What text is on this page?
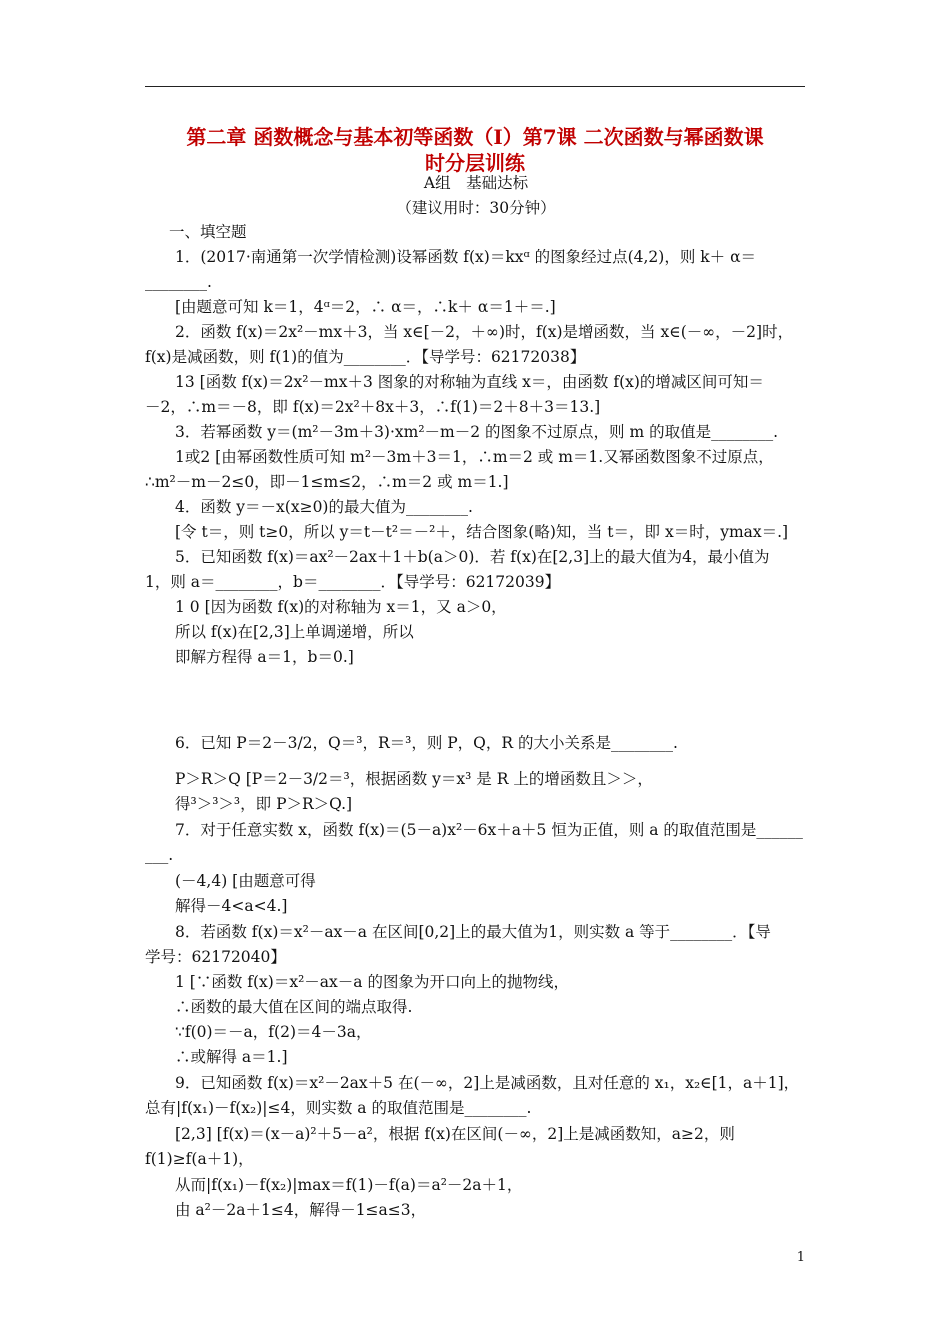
第二章 函数概念与基本初等函数（Ⅰ）第7课 二次函数与幂函数课
时分层训练
A组　基础达标
（建议用时：30分钟）
一、填空题
1．(2017·南通第一次学情检测)设幂函数 f(x)＝kxᵅ 的图象经过点(4,2)，则 k＋ α＝
________.
[由题意可知 k＝1，4ᵅ＝2，∴ α＝，∴k＋ α＝1＋＝.]
2．函数 f(x)＝2x²－mx＋3，当 x∈[－2，＋∞)时，f(x)是增函数，当 x∈(－∞，－2]时，
f(x)是减函数，则 f(1)的值为________．【导学号：62172038】
13 [函数 f(x)＝2x²－mx＋3 图象的对称轴为直线 x＝，由函数 f(x)的增减区间可知＝
－2，∴m＝－8，即 f(x)＝2x²＋8x＋3，∴f(1)＝2＋8＋3＝13.]
3．若幂函数 y＝(m²－3m＋3)·xm²－m－2 的图象不过原点，则 m 的取值是________.
1或2 [由幂函数性质可知 m²－3m＋3＝1，∴m＝2 或 m＝1.又幂函数图象不过原点，
∴m²－m－2≤0，即－1≤m≤2，∴m＝2 或 m＝1.]
4．函数 y＝－x(x≥0)的最大值为________.
[令 t＝，则 t≥0，所以 y＝t－t²＝－²＋，结合图象(略)知，当 t＝，即 x＝时，ymax＝.]
5．已知函数 f(x)＝ax²－2ax＋1＋b(a＞0)．若 f(x)在[2,3]上的最大值为4，最小值为
1，则 a＝________，b＝________．【导学号：62172039】
1 0 [因为函数 f(x)的对称轴为 x＝1，又 a＞0，
所以 f(x)在[2,3]上单调递增，所以
即解方程得 a＝1，b＝0.]
6．已知 P＝2－3/2，Q＝³，R＝³，则 P，Q，R 的大小关系是________.
P＞R＞Q [P＝2－3/2＝³，根据函数 y＝x³ 是 R 上的增函数且＞＞，
得³＞³＞³，即 P＞R＞Q.]
7．对于任意实数 x，函数 f(x)＝(5－a)x²－6x＋a＋5 恒为正值，则 a 的取值范围是______
___.
(－4,4) [由题意可得
解得－4<a<4.]
8．若函数 f(x)＝x²－ax－a 在区间[0,2]上的最大值为1，则实数 a 等于________．【导
学号：62172040】
1 [∵函数 f(x)＝x²－ax－a 的图象为开口向上的抛物线，
∴函数的最大值在区间的端点取得.
∵f(0)＝－a，f(2)＝4－3a，
∴或解得 a＝1.]
9．已知函数 f(x)＝x²－2ax＋5 在(－∞，2]上是减函数，且对任意的 x₁，x₂∈[1，a＋1]，
总有|f(x₁)－f(x₂)|≤4，则实数 a 的取值范围是________.
[2,3] [f(x)＝(x－a)²＋5－a²，根据 f(x)在区间(－∞，2]上是减函数知，a≥2，则
f(1)≥f(a＋1)，
从而|f(x₁)－f(x₂)|max＝f(1)－f(a)＝a²－2a＋1，
由 a²－2a＋1≤4，解得－1≤a≤3，
1
